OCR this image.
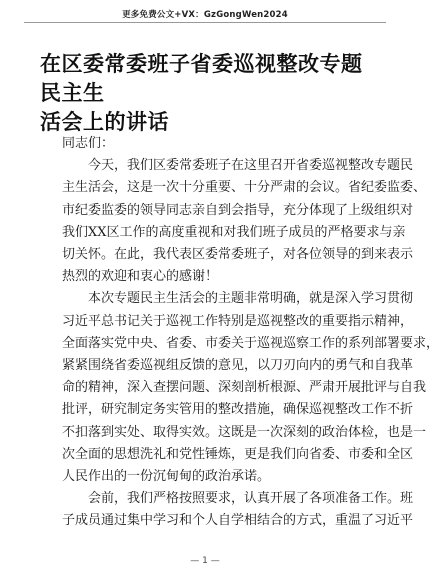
更多免费公文+VX：GzGongWen2024
在区委常委班子省委巡视整改专题民主生
活会上的讲话
同志们：
今天，我们区委常委班子在这里召开省委巡视整改专题民
主生活会，这是一次十分重要、十分严肃的会议。省纪委监委、
市纪委监委的领导同志亲自到会指导，充分体现了上级组织对
我们XX区工作的高度重视和对我们班子成员的严格要求与亲
切关怀。在此，我代表区委常委班子，对各位领导的到来表示
热烈的欢迎和衷心的感谢！
本次专题民主生活会的主题非常明确，就是深入学习贯彻
习近平总书记关于巡视工作特别是巡视整改的重要指示精神，
全面落实党中央、省委、市委关于巡视巡察工作的系列部署要求，
紧紧围绕省委巡视组反馈的意见，以刀刃向内的勇气和自我革
命的精神，深入查摆问题、深刻剖析根源、严肃开展批评与自我
批评，研究制定务实管用的整改措施，确保巡视整改工作不折
不扣落到实处、取得实效。这既是一次深刻的政治体检，也是一
次全面的思想洗礼和党性锤炼，更是我们向省委、市委和全区
人民作出的一份沉甸甸的政治承诺。
会前，我们严格按照要求，认真开展了各项准备工作。班
子成员通过集中学习和个人自学相结合的方式，重温了习近平
— 1 —
